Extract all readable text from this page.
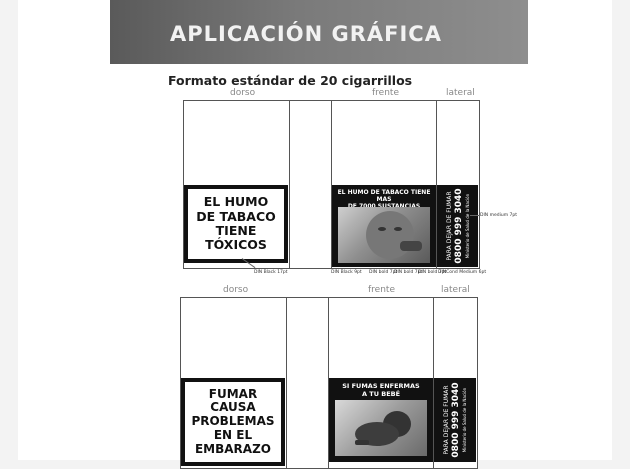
APLICACIÓN GRÁFICA
Formato estándar de 20 cigarrillos
dorso	frente	lateral
EL HUMO
DE TABACO
TIENE
TÓXICOS
EL HUMO DE TABACO TIENE MAS	PARA DEJAR DE FUMAR 0800 999 3040 Ministerio de Salud de la Nación
DIN Black 17pt	DIN Black 9pt DIN bold 7pt
DIN bold 7pt
DIN bold 7pt
DINCond Medium 6pt
DIN medium 7pt
dorso	frente	lateral
FUMAR CAUSA
PROBLEMAS
EN EL
EMBARAZO
SI FUMAS ENFERMAS
A TU BEBÉ	PARA DEJAR DE FUMAR 0800 999 3040 Ministerio de Salud de la Nación
